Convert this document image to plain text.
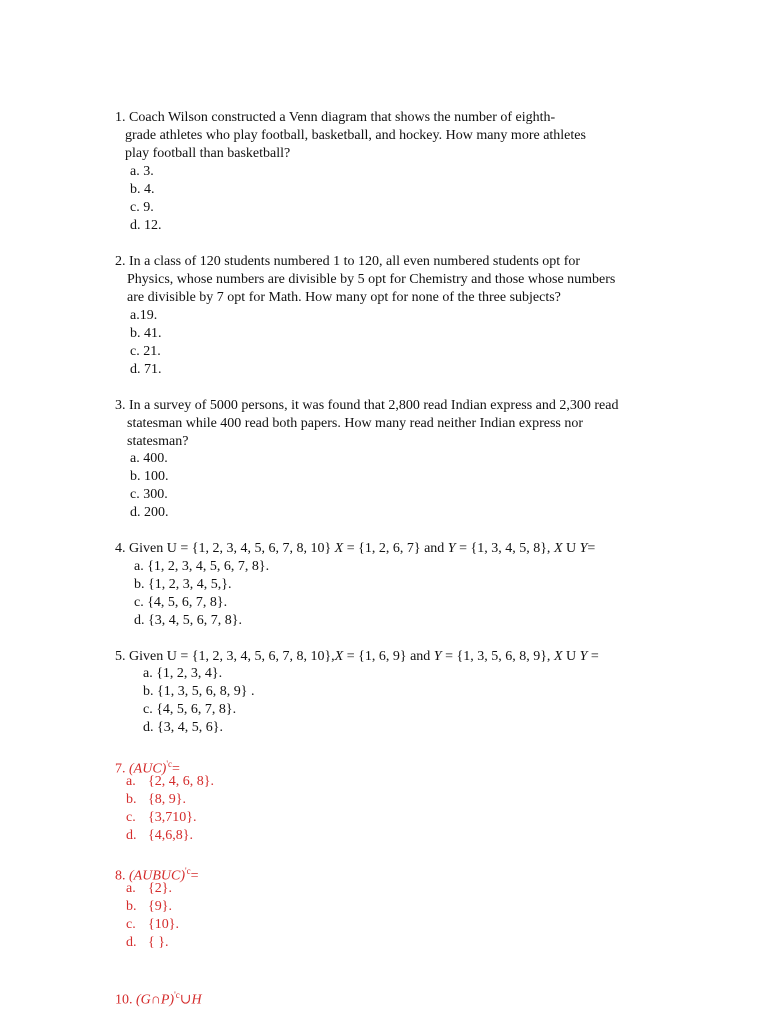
1. Coach Wilson constructed a Venn diagram that shows the number of eighth-
grade athletes who play football, basketball, and hockey. How many more athletes
play football than basketball?
a. 3.
b. 4.
c. 9.
d. 12.
2. In a class of 120 students numbered 1 to 120, all even numbered students opt for
Physics, whose numbers are divisible by 5 opt for Chemistry and those whose numbers
are divisible by 7 opt for Math. How many opt for none of the three subjects?
a.19.
b. 41.
c. 21.
d. 71.
3. In a survey of 5000 persons, it was found that 2,800 read Indian express and 2,300 read
statesman while 400 read both papers. How many read neither Indian express nor
statesman?
a. 400.
b. 100.
c. 300.
d. 200.
4. Given U = {1, 2, 3, 4, 5, 6, 7, 8, 10} X = {1, 2, 6, 7} and Y = {1, 3, 4, 5, 8}, X U Y=
a. {1, 2, 3, 4, 5, 6, 7, 8}.
b. {1, 2, 3, 4, 5,}.
c. {4, 5, 6, 7, 8}.
d. {3, 4, 5, 6, 7, 8}.
5. Given U = {1, 2, 3, 4, 5, 6, 7, 8, 10},X = {1, 6, 9} and Y = {1, 3, 5, 6, 8, 9}, X U Y =
a. {1, 2, 3, 4}.
b. {1, 3, 5, 6, 8, 9} .
c. {4, 5, 6, 7, 8}.
d. {3, 4, 5, 6}.
7. (AUC)$^{'c}$=
a. {2, 4, 6, 8}.
b. {8, 9}.
c. {3,710}.
d. {4,6,8}.
8. (AUBUC)$^{'c}$=
a. {2}.
b. {9}.
c. {10}.
d. { }.
10. (G∩P)$^{'c}$∪H
